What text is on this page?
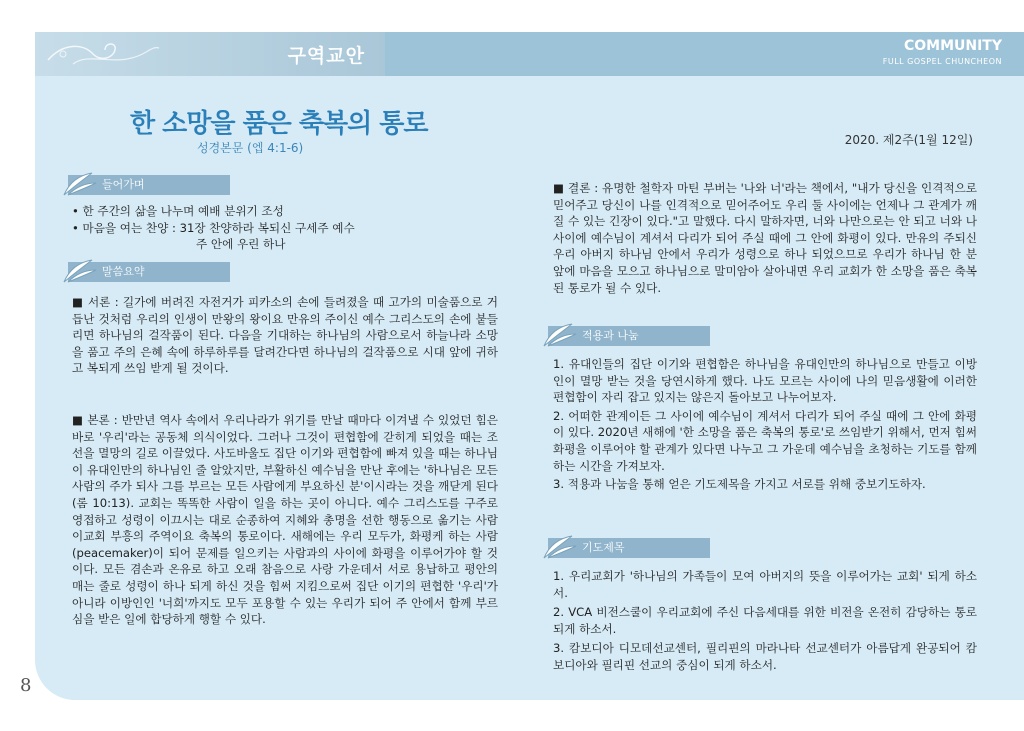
구역교안	COMMUNITY
FULL GOSPEL CHUNCHEON
한 소망을 품은 축복의 통로
성경본문 (엡 4:1-6)
2020. 제2주(1월 12일)
들어가며

• 한 주간의 삶을 나누며 예배 분위기 조성

• 마음을 여는 찬양 : 31장 찬양하라 복되신 구세주 예수

주 안에 우린 하나

말씀요약

■ 서론 : 길가에 버려진 자전거가 피카소의 손에 들려졌을 때 고가의 미술품으로 거듭난 것처럼 우리의 인생이 만왕의 왕이요 만유의 주이신 예수 그리스도의 손에 붙들리면 하나님의 걸작품이 된다. 다음을 기대하는 하나님의 사람으로서 하늘나라 소망을 품고 주의 은혜 속에 하루하루를 달려간다면 하나님의 걸작품으로 시대 앞에 귀하고 복되게 쓰임 받게 될 것이다.

■ 본론 : 반만년 역사 속에서 우리나라가 위기를 만날 때마다 이겨낼 수 있었던 힘은 바로 '우리'라는 공동체 의식이었다. 그러나 그것이 편협함에 갇히게 되었을 때는 조선을 멸망의 길로 이끌었다. 사도바울도 집단 이기와 편협함에 빠져 있을 때는 하나님이 유대인만의 하나님인 줄 알았지만, 부활하신 예수님을 만난 후에는 '하나님은 모든 사람의 주가 되사 그를 부르는 모든 사람에게 부요하신 분'이시라는 것을 깨닫게 된다(롬 10:13). 교회는 똑똑한 사람이 일을 하는 곳이 아니다. 예수 그리스도를 구주로 영접하고 성령이 이끄시는 대로 순종하여 지혜와 총명을 선한 행동으로 옮기는 사람이교회 부흥의 주역이요 축복의 통로이다. 새해에는 우리 모두가, 화평케 하는 사람(peacemaker)이 되어 문제를 일으키는 사람과의 사이에 화평을 이루어가야 할 것이다. 모든 겸손과 온유로 하고 오래 참음으로 사랑 가운데서 서로 용납하고 평안의 매는 줄로 성령이 하나 되게 하신 것을 힘써 지킴으로써 집단 이기의 편협한 '우리'가 아니라 이방인인 '너희'까지도 모두 포용할 수 있는 우리가 되어 주 안에서 함께 부르심을 받은 일에 합당하게 행할 수 있다.

■ 결론 : 유명한 철학자 마틴 부버는 '나와 너'라는 책에서, "내가 당신을 인격적으로 믿어주고 당신이 나를 인격적으로 믿어주어도 우리 둘 사이에는 언제나 그 관계가 깨질 수 있는 긴장이 있다."고 말했다. 다시 말하자면, 너와 나만으로는 안 되고 너와 나 사이에 예수님이 계셔서 다리가 되어 주실 때에 그 안에 화평이 있다. 만유의 주되신 우리 아버지 하나님 안에서 우리가 성령으로 하나 되었으므로 우리가 하나님 한 분 앞에 마음을 모으고 하나님으로 말미암아 살아내면 우리 교회가 한 소망을 품은 축복된 통로가 될 수 있다.

적용과 나눔

1. 유대인들의 집단 이기와 편협함은 하나님을 유대인만의 하나님으로 만들고 이방인이 멸망 받는 것을 당연시하게 했다. 나도 모르는 사이에 나의 믿음생활에 이러한 편협함이 자리 잡고 있지는 않은지 돌아보고 나누어보자.

2. 어떠한 관계이든 그 사이에 예수님이 계셔서 다리가 되어 주실 때에 그 안에 화평이 있다. 2020년 새해에 '한 소망을 품은 축복의 통로'로 쓰임받기 위해서, 먼저 힘써 화평을 이루어야 할 관계가 있다면 나누고 그 가운데 예수님을 초청하는 기도를 함께 하는 시간을 가져보자.

3. 적용과 나눔을 통해 얻은 기도제목을 가지고 서로를 위해 중보기도하자.

기도제목

1. 우리교회가 '하나님의 가족들이 모여 아버지의 뜻을 이루어가는 교회' 되게 하소서.

2. VCA 비전스쿨이 우리교회에 주신 다음세대를 위한 비전을 온전히 감당하는 통로 되게 하소서.

3. 캄보디아 디모데선교센터, 필리핀의 마라나타 선교센터가 아름답게 완공되어 캄보디아와 필리핀 선교의 중심이 되게 하소서.

8
